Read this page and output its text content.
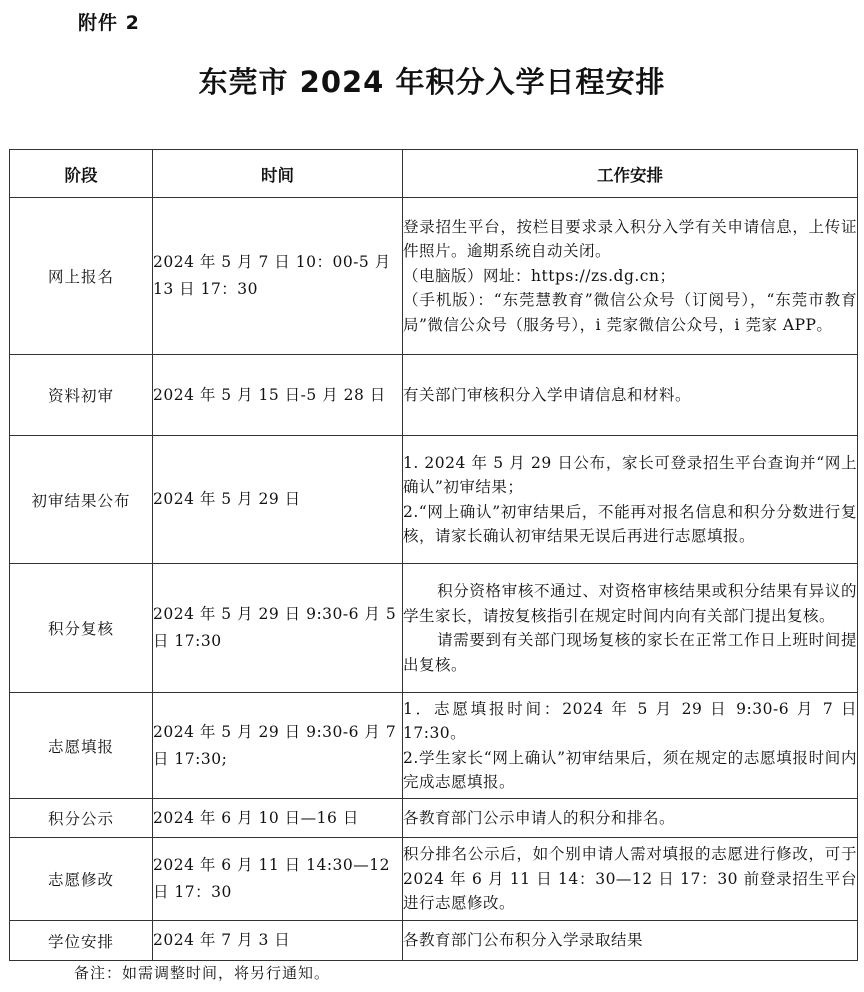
附件 2
东莞市 2024 年积分入学日程安排
阶段	时间	工作安排
网上报名	2024 年 5 月 7 日 10：00-5 月 13 日 17：30	登录招生平台，按栏目要求录入积分入学有关申请信息，上传证件照片。逾期系统自动关闭。
（电脑版）网址：https://zs.dg.cn；
（手机版）：“东莞慧教育”微信公众号（订阅号），“东莞市教育局”微信公众号（服务号），i 莞家微信公众号，i 莞家 APP。

资料初审	2024 年 5 月 15 日-5 月 28 日	有关部门审核积分入学申请信息和材料。

初审结果公布	2024 年 5 月 29 日	1. 2024 年 5 月 29 日公布，家长可登录招生平台查询并“网上确认”初审结果；
2.“网上确认”初审结果后，不能再对报名信息和积分分数进行复核，请家长确认初审结果无误后再进行志愿填报。

积分复核	2024 年 5 月 29 日 9:30-6 月 5 日 17:30	积分资格审核不通过、对资格审核结果或积分结果有异议的学生家长，请按复核指引在规定时间内向有关部门提出复核。
请需要到有关部门现场复核的家长在正常工作日上班时间提出复核。

志愿填报	2024 年 5 月 29 日 9:30-6 月 7 日 17:30;	1．志愿填报时间：2024 年 5 月 29 日 9:30-6 月 7 日 17:30。
2.学生家长“网上确认”初审结果后，须在规定的志愿填报时间内完成志愿填报。

积分公示	2024 年 6 月 10 日—16 日	各教育部门公示申请人的积分和排名。

志愿修改	2024 年 6 月 11 日 14:30—12 日 17：30	积分排名公示后，如个别申请人需对填报的志愿进行修改，可于 2024 年 6 月 11 日 14：30—12 日 17：30 前登录招生平台进行志愿修改。

学位安排	2024 年 7 月 3 日	各教育部门公布积分入学录取结果
备注：如需调整时间，将另行通知。
